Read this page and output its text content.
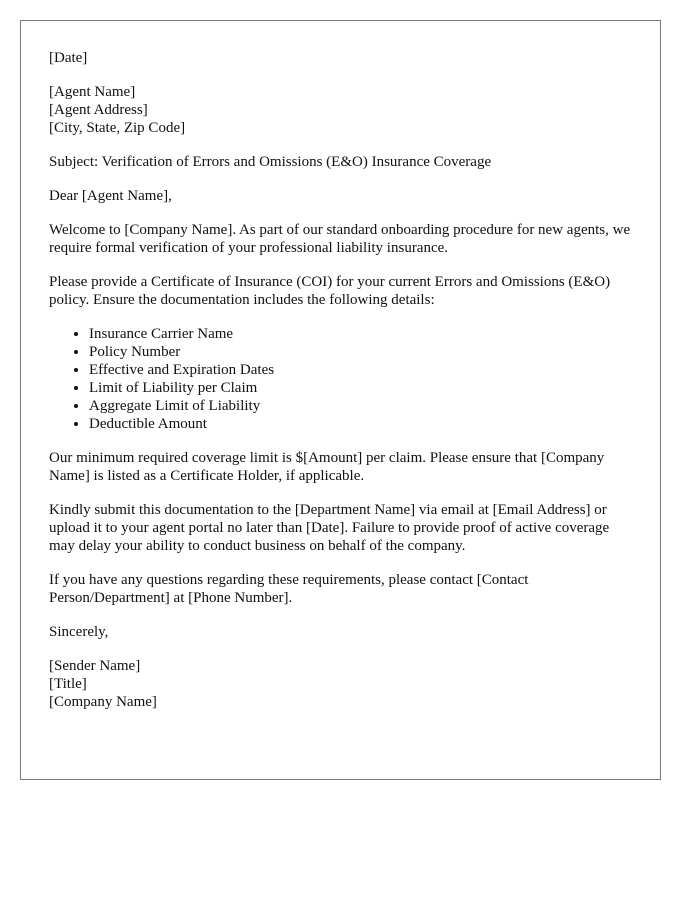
[Date]

[Agent Name]

[Agent Address]

[City, State, Zip Code]

Subject: Verification of Errors and Omissions (E&O) Insurance Coverage

Dear [Agent Name],

Welcome to [Company Name]. As part of our standard onboarding procedure for new agents, we require formal verification of your professional liability insurance.

Please provide a Certificate of Insurance (COI) for your current Errors and Omissions (E&O) policy. Ensure the documentation includes the following details:

• Insurance Carrier Name
• Policy Number
• Effective and Expiration Dates
• Limit of Liability per Claim
• Aggregate Limit of Liability
• Deductible Amount

Our minimum required coverage limit is $[Amount] per claim. Please ensure that [Company Name] is listed as a Certificate Holder, if applicable.

Kindly submit this documentation to the [Department Name] via email at [Email Address] or upload it to your agent portal no later than [Date]. Failure to provide proof of active coverage may delay your ability to conduct business on behalf of the company.

If you have any questions regarding these requirements, please contact [Contact Person/Department] at [Phone Number].

Sincerely,

[Sender Name]

[Title]

[Company Name]
